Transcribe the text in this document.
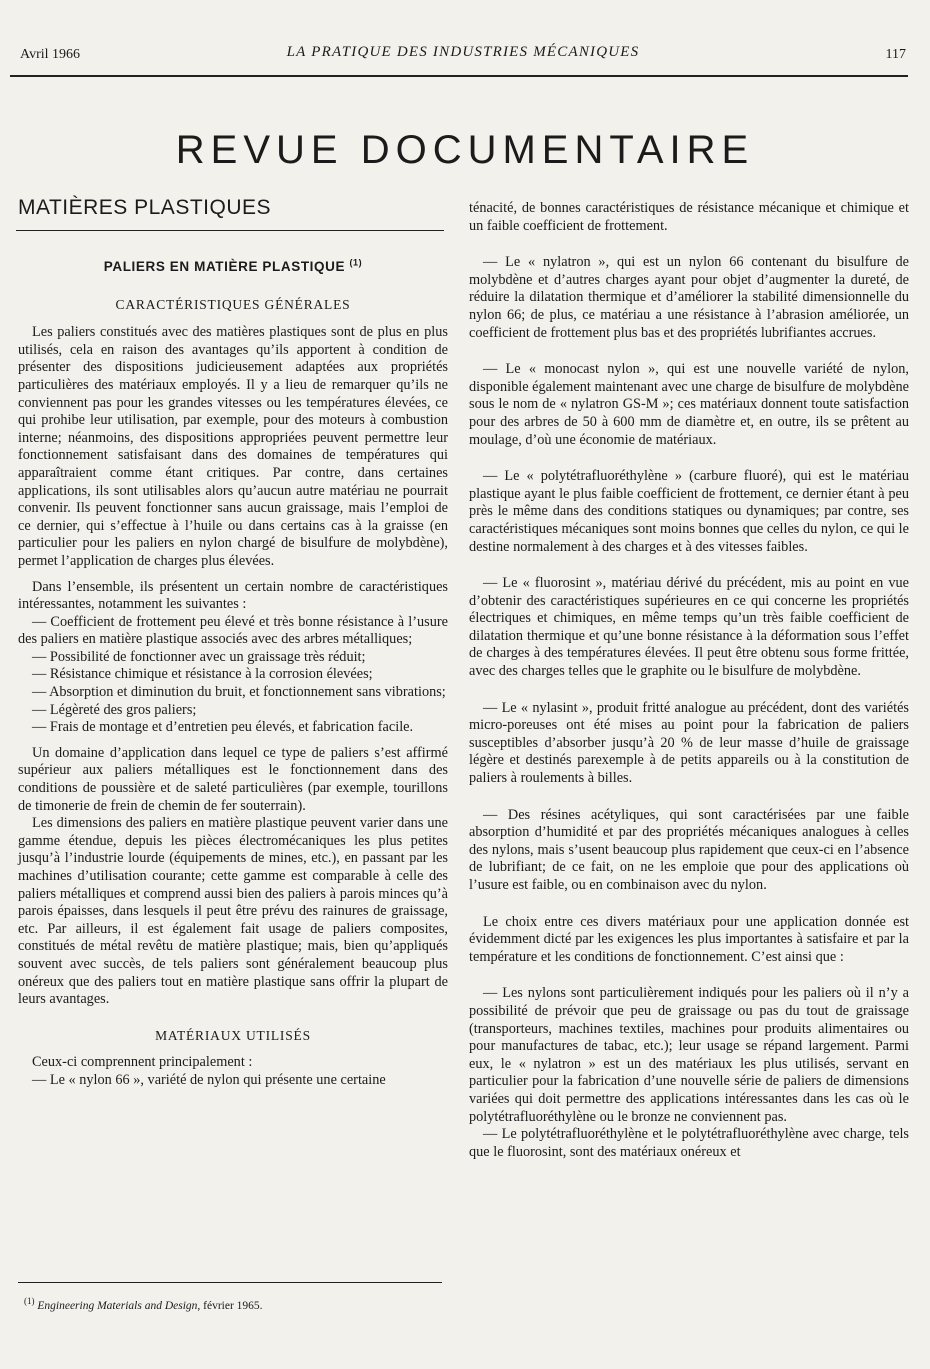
Avril 1966	LA PRATIQUE DES INDUSTRIES MÉCANIQUES	117
REVUE DOCUMENTAIRE
MATIÈRES PLASTIQUES
PALIERS EN MATIÈRE PLASTIQUE $^{(1)}$
CARACTÉRISTIQUES GÉNÉRALES

Les paliers constitués avec des matières plastiques sont de plus en plus utilisés, cela en raison des avantages qu’ils apportent à condition de présenter des dispositions judicieusement adaptées aux propriétés particulières des matériaux employés. Il y a lieu de remarquer qu’ils ne conviennent pas pour les grandes vitesses ou les températures élevées, ce qui prohibe leur utilisation, par exemple, pour des moteurs à combustion interne; néanmoins, des dispositions appropriées peuvent permettre leur fonctionnement satisfaisant dans des domaines de températures qui apparaîtraient comme étant critiques. Par contre, dans certaines applications, ils sont utilisables alors qu’aucun autre matériau ne pourrait convenir. Ils peuvent fonctionner sans aucun graissage, mais l’emploi de ce dernier, qui s’effectue à l’huile ou dans certains cas à la graisse (en particulier pour les paliers en nylon chargé de bisulfure de molybdène), permet l’application de charges plus élevées.

Dans l’ensemble, ils présentent un certain nombre de caractéristiques intéressantes, notamment les suivantes :

— Coefficient de frottement peu élevé et très bonne résistance à l’usure des paliers en matière plastique associés avec des arbres métalliques;

— Possibilité de fonctionner avec un graissage très réduit;

— Résistance chimique et résistance à la corrosion élevées;

— Absorption et diminution du bruit, et fonctionnement sans vibrations;

— Légèreté des gros paliers;

— Frais de montage et d’entretien peu élevés, et fabrication facile.

Un domaine d’application dans lequel ce type de paliers s’est affirmé supérieur aux paliers métalliques est le fonctionnement dans des conditions de poussière et de saleté particulières (par exemple, tourillons de timonerie de frein de chemin de fer souterrain).

Les dimensions des paliers en matière plastique peuvent varier dans une gamme étendue, depuis les pièces électromécaniques les plus petites jusqu’à l’industrie lourde (équipements de mines, etc.), en passant par les machines d’utilisation courante; cette gamme est comparable à celle des paliers métalliques et comprend aussi bien des paliers à parois minces qu’à parois épaisses, dans lesquels il peut être prévu des rainures de graissage, etc. Par ailleurs, il est également fait usage de paliers composites, constitués de métal revêtu de matière plastique; mais, bien qu’appliqués souvent avec succès, de tels paliers sont généralement beaucoup plus onéreux que des paliers tout en matière plastique sans offrir la plupart de leurs avantages.

MATÉRIAUX UTILISÉS

Ceux-ci comprennent principalement :

— Le « nylon 66 », variété de nylon qui présente une certaine

ténacité, de bonnes caractéristiques de résistance mécanique et chimique et un faible coefficient de frottement.

— Le « nylatron », qui est un nylon 66 contenant du bisulfure de molybdène et d’autres charges ayant pour objet d’augmenter la dureté, de réduire la dilatation thermique et d’améliorer la stabilité dimensionnelle du nylon 66; de plus, ce matériau a une résistance à l’abrasion améliorée, un coefficient de frottement plus bas et des propriétés lubrifiantes accrues.

— Le « monocast nylon », qui est une nouvelle variété de nylon, disponible également maintenant avec une charge de bisulfure de molybdène sous le nom de « nylatron GS-M »; ces matériaux donnent toute satisfaction pour des arbres de 50 à 600 mm de diamètre et, en outre, ils se prêtent au moulage, d’où une économie de matériaux.

— Le « polytétrafluoréthylène » (carbure fluoré), qui est le matériau plastique ayant le plus faible coefficient de frottement, ce dernier étant à peu près le même dans des conditions statiques ou dynamiques; par contre, ses caractéristiques mécaniques sont moins bonnes que celles du nylon, ce qui le destine normalement à des charges et à des vitesses faibles.

— Le « fluorosint », matériau dérivé du précédent, mis au point en vue d’obtenir des caractéristiques supérieures en ce qui concerne les propriétés électriques et chimiques, en même temps qu’un très faible coefficient de dilatation thermique et qu’une bonne résistance à la déformation sous l’effet de charges à des températures élevées. Il peut être obtenu sous forme frittée, avec des charges telles que le graphite ou le bisulfure de molybdène.

— Le « nylasint », produit fritté analogue au précédent, dont des variétés micro-poreuses ont été mises au point pour la fabrication de paliers susceptibles d’absorber jusqu’à 20 % de leur masse d’huile de graissage légère et destinés parexemple à de petits appareils ou à la constitution de paliers à roulements à billes.

— Des résines acétyliques, qui sont caractérisées par une faible absorption d’humidité et par des propriétés mécaniques analogues à celles des nylons, mais s’usent beaucoup plus rapidement que ceux-ci en l’absence de lubrifiant; de ce fait, on ne les emploie que pour des applications où l’usure est faible, ou en combinaison avec du nylon.

Le choix entre ces divers matériaux pour une application donnée est évidemment dicté par les exigences les plus importantes à satisfaire et par la température et les conditions de fonctionnement. C’est ainsi que :

— Les nylons sont particulièrement indiqués pour les paliers où il n’y a possibilité de prévoir que peu de graissage ou pas du tout de graissage (transporteurs, machines textiles, machines pour produits alimentaires ou pour manufactures de tabac, etc.); leur usage se répand largement. Parmi eux, le « nylatron » est un des matériaux les plus utilisés, servant en particulier pour la fabrication d’une nouvelle série de paliers de dimensions variées qui doit permettre des applications intéressantes dans les cas où le polytétrafluoréthylène ou le bronze ne conviennent pas.

— Le polytétrafluoréthylène et le polytétrafluoréthylène avec charge, tels que le fluorosint, sont des matériaux onéreux et

$^{(1)}$ Engineering Materials and Design, février 1965.
